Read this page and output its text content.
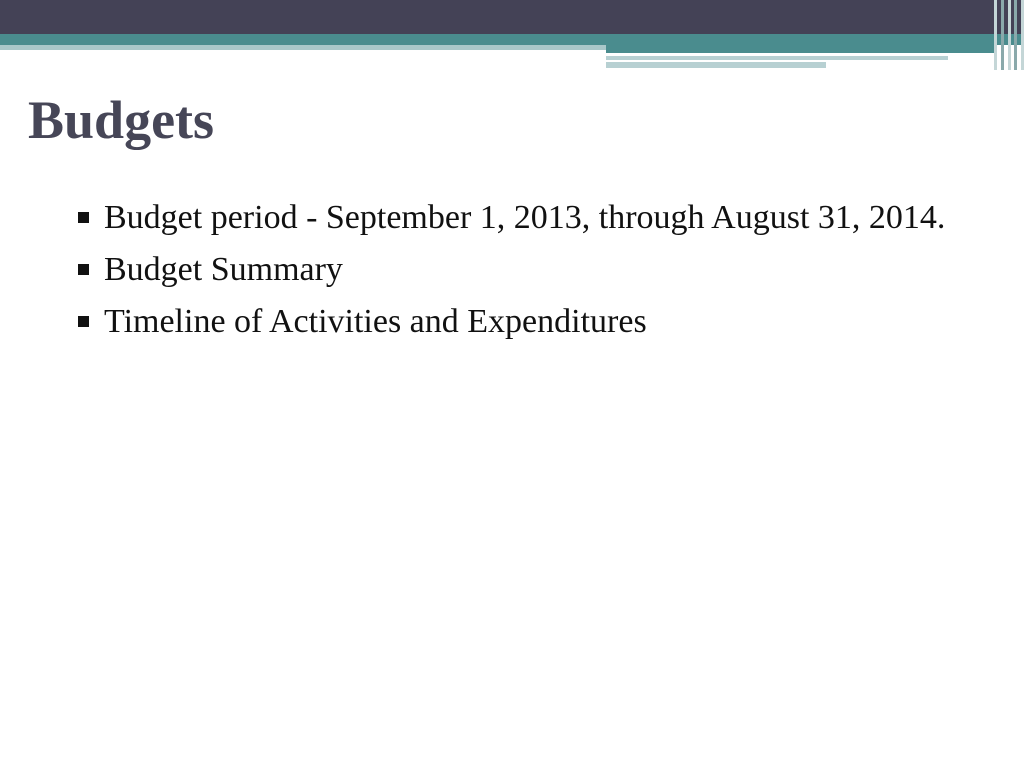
Budgets
Budget period - September 1, 2013, through August 31, 2014.
Budget Summary
Timeline of Activities and Expenditures
